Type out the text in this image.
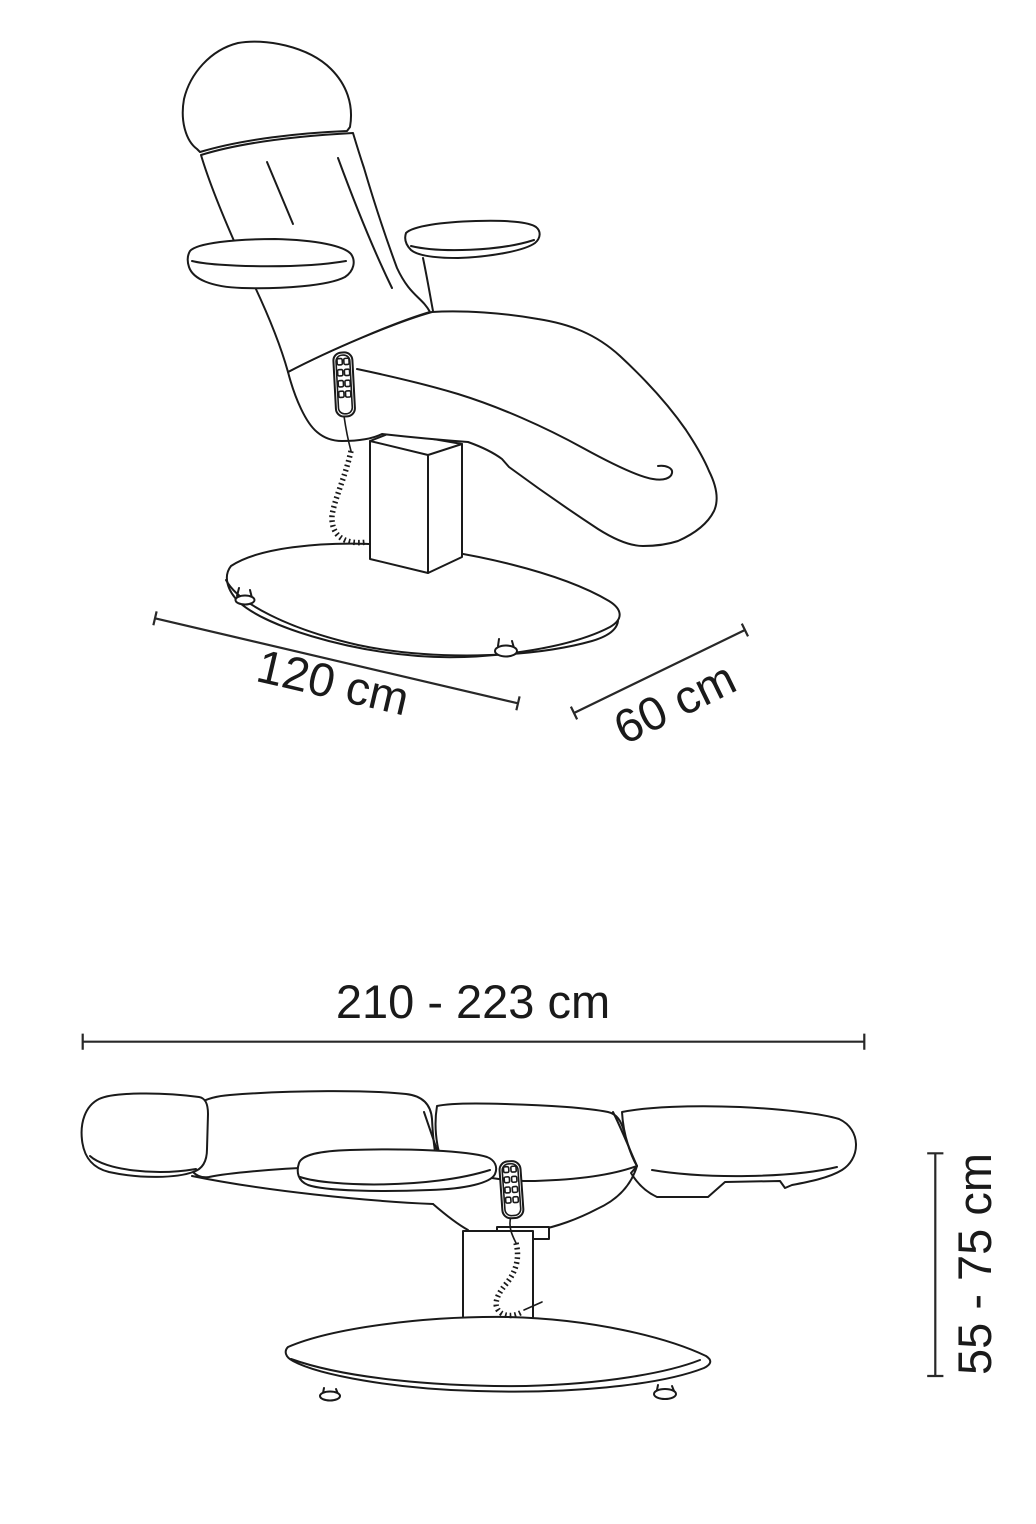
120 cm	60 cm
210 - 223 cm
55 - 75 cm
